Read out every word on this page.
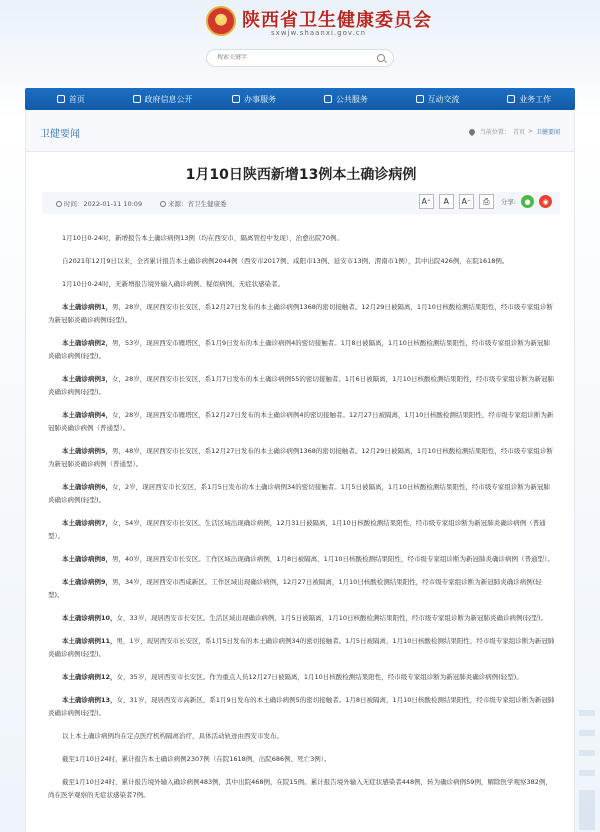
★
陕西省卫生健康委员会
sxwjw.shaanxi.gov.cn
搜索关键字
首页	政府信息公开	办事服务	公共服务	互动交流	业务工作
卫健要闻	当前位置： 首页 > 卫健要闻
1月10日陕西新增13例本土确诊病例
时间：2022-01-11 10:09	来源：省卫生健康委	A⁺	A	A⁻	⎙	分享:	●	◉

1月10日0-24时，新增报告本土确诊病例13例（均在西安市，隔离管控中发现），治愈出院70例。

自2021年12月9日以来，全省累计报告本土确诊病例2044例（西安市2017例、咸阳市13例、延安市13例、渭南市1例），其中出院426例，在院1618例。

1月10日0-24时，无新增报告境外输入确诊病例、疑似病例、无症状感染者。

本土确诊病例1，男，28岁，现居西安市长安区，系12月27日发布的本土确诊病例1368的密切接触者。12月29日被隔离，1月10日核酸检测结果阳性，经市级专家组诊断为新冠肺炎确诊病例(轻型)。

本土确诊病例2，男，53岁，现居西安市雁塔区，系1月9日发布的本土确诊病例4的密切接触者。1月8日被隔离，1月10日核酸检测结果阳性，经市级专家组诊断为新冠肺炎确诊病例(轻型)。

本土确诊病例3，女，28岁，现居西安市长安区，系1月7日发布的本土确诊病例55的密切接触者。1月6日被隔离，1月10日核酸检测结果阳性，经市级专家组诊断为新冠肺炎确诊病例(轻型)。

本土确诊病例4，女，28岁，现居西安市雁塔区，系12月27日发布的本土确诊病例4的密切接触者。12月27日被隔离，1月10日核酸检测结果阳性，经市级专家组诊断为新冠肺炎确诊病例（普通型）。

本土确诊病例5，男，48岁，现居西安市长安区，系12月27日发布的本土确诊病例1368的密切接触者。12月29日被隔离，1月10日核酸检测结果阳性，经市级专家组诊断为新冠肺炎确诊病例（普通型）。

本土确诊病例6，女，2岁，现居西安市长安区，系1月5日发布的本土确诊病例34的密切接触者。1月5日被隔离，1月10日核酸检测结果阳性，经市级专家组诊断为新冠肺炎确诊病例(轻型)。

本土确诊病例7，女，54岁，现居西安市长安区。生活区域出现确诊病例，12月31日被隔离，1月10日核酸检测结果阳性，经市级专家组诊断为新冠肺炎确诊病例（普通型）。

本土确诊病例8，男，40岁，现居西安市长安区。工作区域出现确诊病例，1月8日被隔离，1月10日核酸检测结果阳性，经市级专家组诊断为新冠肺炎确诊病例（普通型）。

本土确诊病例9，男，34岁，现居西安市西咸新区。工作区域出现确诊病例，12月27日被隔离，1月10日核酸检测结果阳性，经市级专家组诊断为新冠肺炎确诊病例(轻型)。

本土确诊病例10，女，33岁，现居西安市长安区。生活区域出现确诊病例，1月5日被隔离，1月10日核酸检测结果阳性，经市级专家组诊断为新冠肺炎确诊病例(轻型)。

本土确诊病例11，男，1岁，现居西安市长安区，系1月5日发布的本土确诊病例34的密切接触者。1月5日被隔离，1月10日核酸检测结果阳性，经市级专家组诊断为新冠肺炎确诊病例(轻型)。

本土确诊病例12，女，35岁，现居西安市长安区。作为重点人员12月27日被隔离，1月10日核酸检测结果阳性，经市级专家组诊断为新冠肺炎确诊病例(轻型)。

本土确诊病例13，女，31岁，现居西安市高新区，系1月9日发布的本土确诊病例5的密切接触者。1月8日被隔离，1月10日核酸检测结果阳性，经市级专家组诊断为新冠肺炎确诊病例(轻型)。

以上本土确诊病例均在定点医疗机构隔离治疗，具体活动轨迹由西安市发布。

截至1月10日24时，累计报告本土确诊病例2307例（在院1618例、出院686例、死亡3例）。

截至1月10日24时，累计报告境外输入确诊病例483例，其中出院468例，在院15例。累计报告境外输入无症状感染者448例，转为确诊病例59例，解除医学观察382例，尚在医学观察的无症状感染者7例。
